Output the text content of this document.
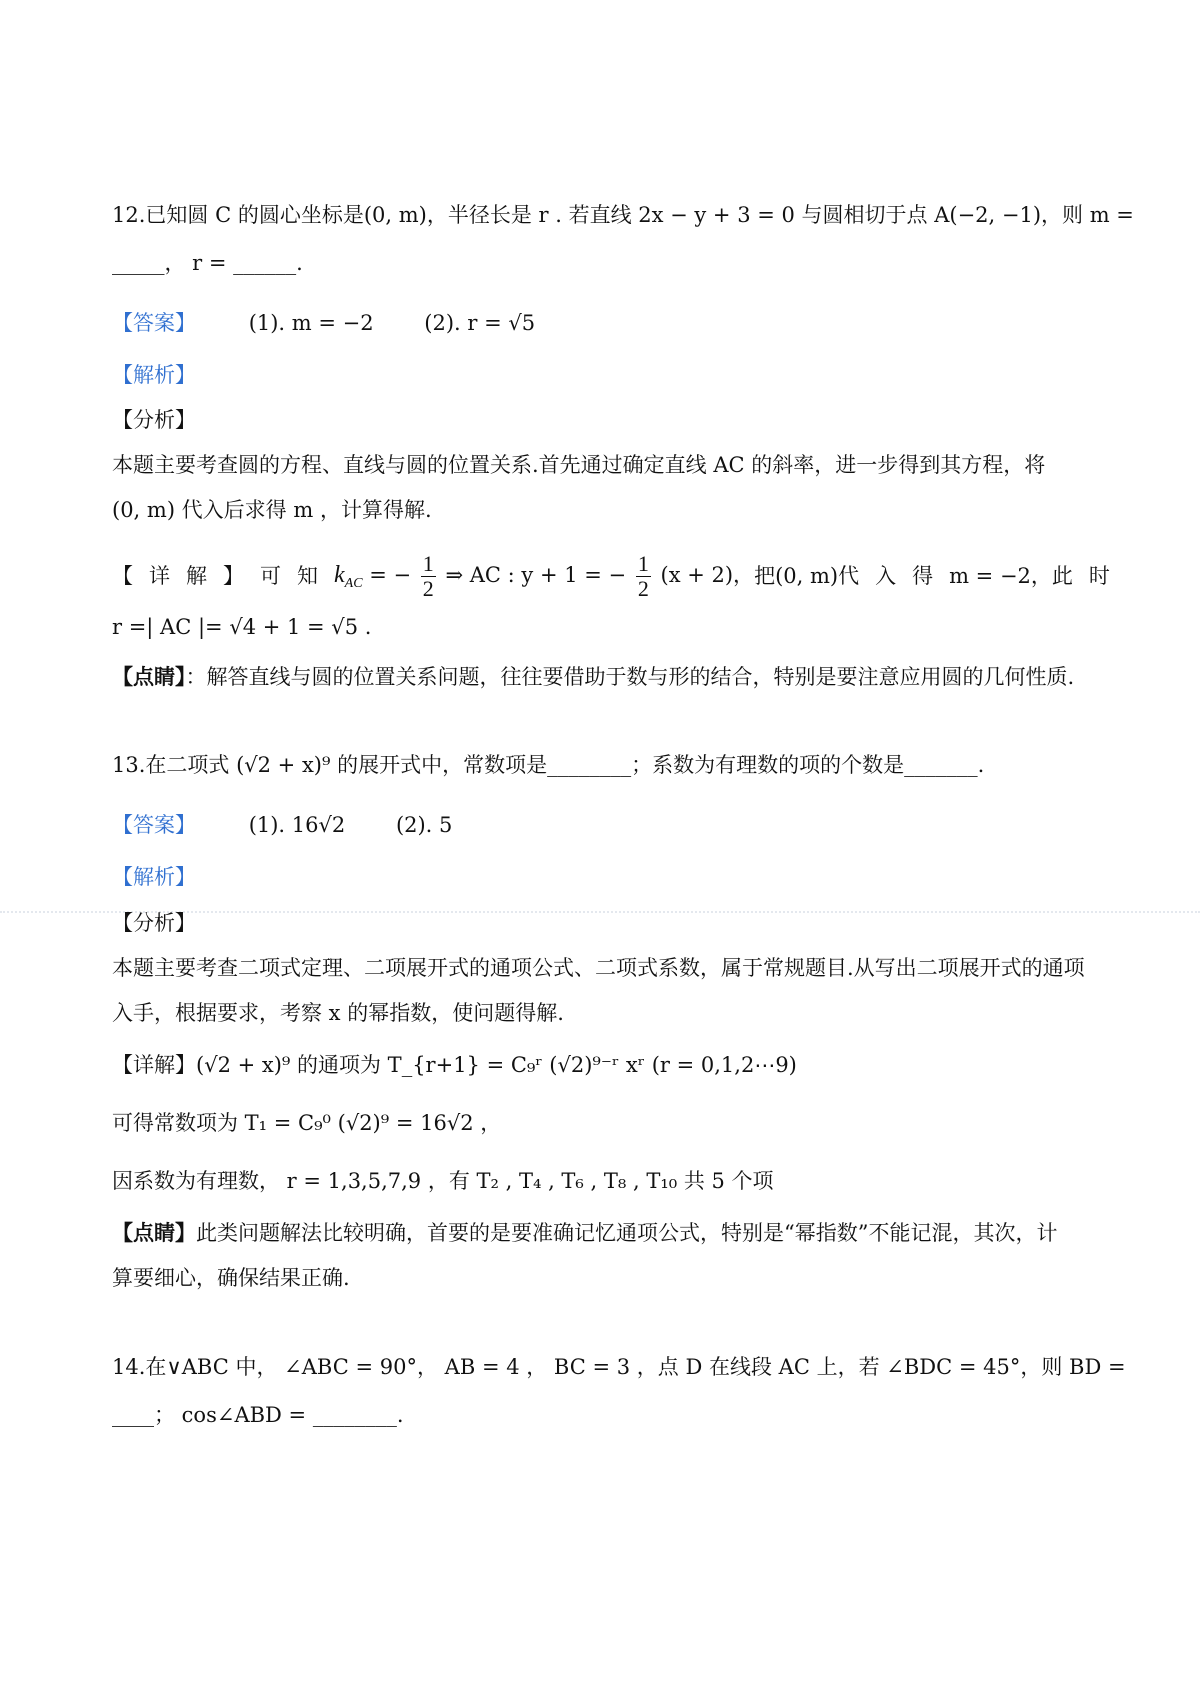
12.已知圆 C 的圆心坐标是(0, m)，半径长是 r . 若直线 2x − y + 3 = 0 与圆相切于点 A(−2, −1)，则 m =
_____， r = ______.
【答案】	(1). m = −2 (2). r = √5
【解析】
【分析】
本题主要考查圆的方程、直线与圆的位置关系.首先通过确定直线 AC 的斜率，进一步得到其方程，将
(0, m) 代入后求得 m ，计算得解.
【详解】 可知 $k_{AC}$ = − $\frac{1}{2}$ ⇒ AC : y + 1 = − $\frac{1}{2} (x + 2)$， 把 (0, m) 代入得 m = −2， 此时
r =| AC |= √4 + 1 = √5 .
【点睛】：解答直线与圆的位置关系问题，往往要借助于数与形的结合，特别是要注意应用圆的几何性质.
13.在二项式 (√2 + x)⁹ 的展开式中，常数项是________；系数为有理数的项的个数是_______.
【答案】	(1). 16√2 (2). 5
【解析】
【分析】
本题主要考查二项式定理、二项展开式的通项公式、二项式系数，属于常规题目.从写出二项展开式的通项
入手，根据要求，考察 x 的幂指数，使问题得解.
【详解】(√2 + x)⁹ 的通项为 T_{r+1} = C₉ʳ (√2)⁹⁻ʳ xʳ (r = 0,1,2⋯9)
可得常数项为 T₁ = C₉⁰ (√2)⁹ = 16√2 ，
因系数为有理数， r = 1,3,5,7,9 ，有 T₂ , T₄ , T₆ , T₈ , T₁₀ 共 5 个项
【点睛】此类问题解法比较明确，首要的是要准确记忆通项公式，特别是“幂指数”不能记混，其次，计
算要细心，确保结果正确.
14.在∨ABC 中， ∠ABC = 90°， AB = 4 ， BC = 3 ，点 D 在线段 AC 上，若 ∠BDC = 45°，则 BD =
____； cos∠ABD = ________.
